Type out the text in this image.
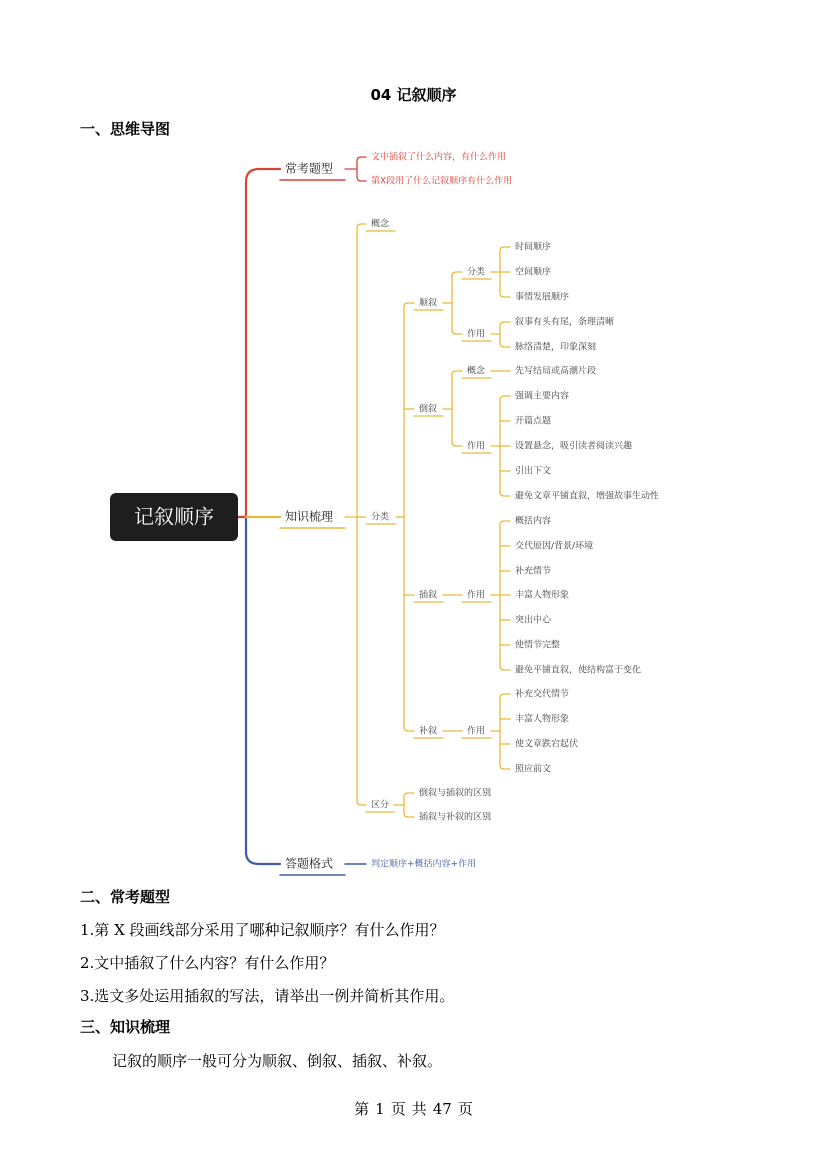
04 记叙顺序
一、思维导图
记叙顺序
常考题型
答题格式
知识梳理
文中插叙了什么内容，有什么作用
第X段用了什么记叙顺序有什么作用
判定顺序+概括内容+作用
概念
分类
区分
顺叙
倒叙
插叙
补叙
分类
作用
时间顺序
空间顺序
事情发展顺序
叙事有头有尾，条理清晰
脉络清楚，印象深刻
概念
作用
先写结局或高潮片段
强调主要内容
开篇点题
设置悬念，吸引读者阅读兴趣
引出下文
避免文章平铺直叙，增强故事生动性
作用
概括内容
交代原因/背景/环境
补充情节
丰富人物形象
突出中心
使情节完整
避免平铺直叙，使结构富于变化
作用
补充交代情节
丰富人物形象
使文章跌宕起伏
照应前文
倒叙与插叙的区别
插叙与补叙的区别
二、常考题型
1.第 X 段画线部分采用了哪种记叙顺序？有什么作用？
2.文中插叙了什么内容？有什么作用？
3.选文多处运用插叙的写法，请举出一例并简析其作用。
三、知识梳理
记叙的顺序一般可分为顺叙、倒叙、插叙、补叙。
第 1 页 共 47 页
